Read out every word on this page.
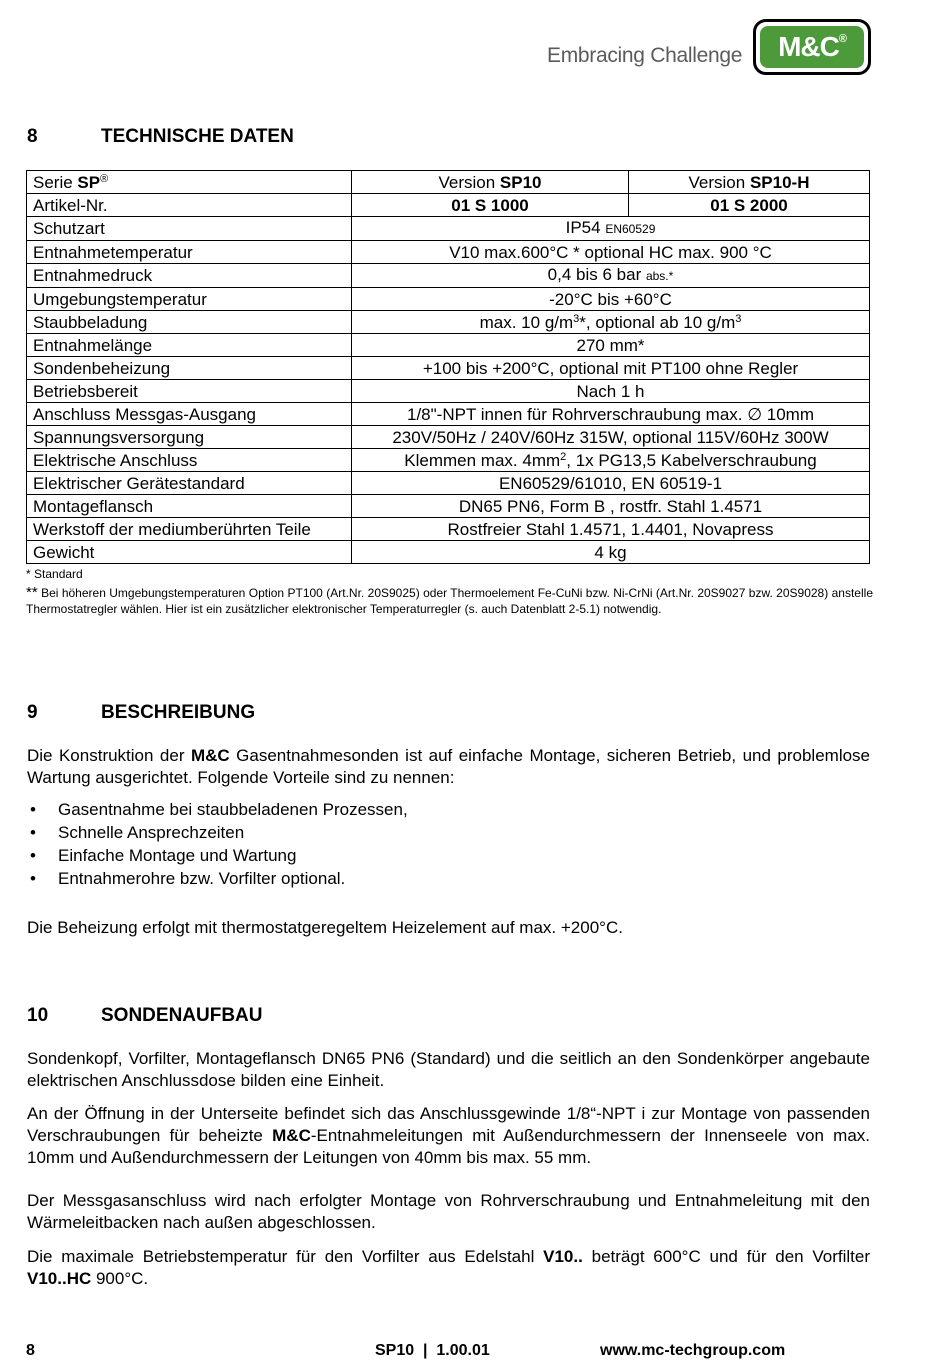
Embracing Challenge	M&C®
8	TECHNISCHE DATEN
Serie SP®	Version SP10	Version SP10-H
Artikel-Nr.	01 S 1000	01 S 2000
Schutzart	IP54 EN60529	
Entnahmetemperatur	V10 max.600°C * optional HC max. 900 °C	
Entnahmedruck	0,4 bis 6 bar abs.*	
Umgebungstemperatur	-20°C bis +60°C	
Staubbeladung	max. 10 $g/m^3*$, optional ab 10 $g/m^3$
Entnahmelänge	270 mm*	
Sondenbeheizung	+100 bis +200°C, optional mit PT100 ohne Regler	
Betriebsbereit	Nach 1 h	
Anschluss Messgas-Ausgang	1/8"-NPT innen für Rohrverschraubung max. ∅ 10mm	
Spannungsversorgung	230V/50Hz / 240V/60Hz 315W, optional 115V/60Hz 300W	
Elektrische Anschluss	Klemmen max. $4mm^2$, 1x PG13,5 Kabelverschraubung	
Elektrischer Gerätestandard	EN60529/61010, EN 60519-1	
Montageflansch	DN65 PN6, Form B , rostfr. Stahl 1.4571	
Werkstoff der mediumberührten Teile	Rostfreier Stahl 1.4571, 1.4401, Novapress	
Gewicht	4 kg	
* Standard
** Bei höheren Umgebungstemperaturen Option PT100 (Art.Nr. 20S9025) oder Thermoelement Fe-CuNi bzw. Ni-CrNi (Art.Nr. 20S9027 bzw. 20S9028) anstelle Thermostatregler wählen. Hier ist ein zusätzlicher elektronischer Temperaturregler (s. auch Datenblatt 2-5.1) notwendig.
9	BESCHREIBUNG
Die Konstruktion der M&C Gasentnahmesonden ist auf einfache Montage, sicheren Betrieb, und problemlose Wartung ausgerichtet. Folgende Vorteile sind zu nennen:
• Gasentnahme bei staubbeladenen Prozessen,
• Schnelle Ansprechzeiten
• Einfache Montage und Wartung
• Entnahmerohre bzw. Vorfilter optional.
Die Beheizung erfolgt mit thermostatgeregeltem Heizelement auf max. +200°C.
10	SONDENAUFBAU
Sondenkopf, Vorfilter, Montageflansch DN65 PN6 (Standard) und die seitlich an den Sondenkörper angebaute elektrischen Anschlussdose bilden eine Einheit.
An der Öffnung in der Unterseite befindet sich das Anschlussgewinde 1/8“-NPT i zur Montage von passenden Verschraubungen für beheizte M&C-Entnahmeleitungen mit Außendurchmessern der Innenseele von max. 10mm und Außendurchmessern der Leitungen von 40mm bis max. 55 mm.
Der Messgasanschluss wird nach erfolgter Montage von Rohrverschraubung und Entnahmeleitung mit den Wärmeleitbacken nach außen abgeschlossen.
Die maximale Betriebstemperatur für den Vorfilter aus Edelstahl V10.. beträgt 600°C und für den Vorfilter V10..HC 900°C.
8	SP10  |  1.00.01	www.mc-techgroup.com
